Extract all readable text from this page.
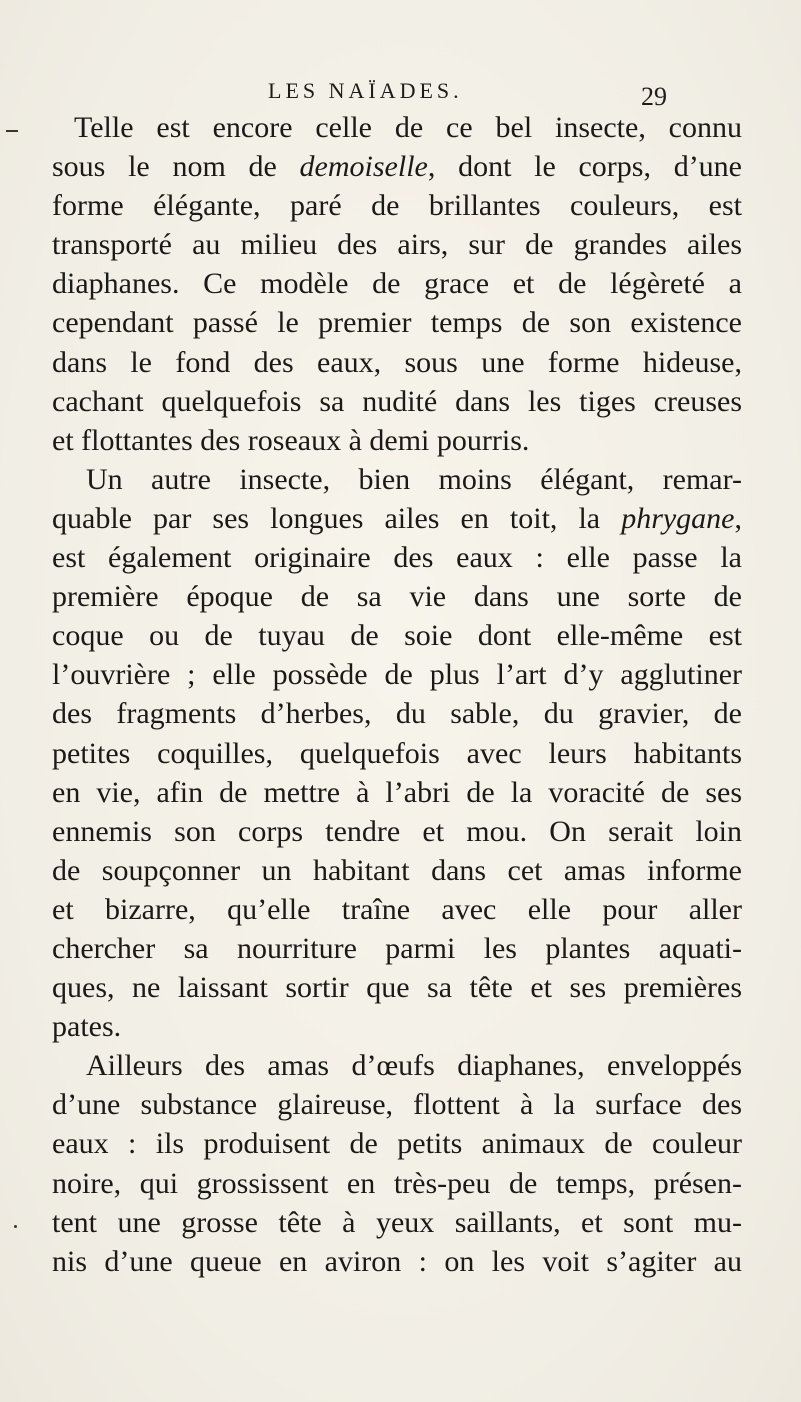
LES NAÏADES.	29
Telle est encore celle de ce bel insecte, connu
sous le nom de demoiselle, dont le corps, d’une
forme élégante, paré de brillantes couleurs, est
transporté au milieu des airs, sur de grandes ailes
diaphanes. Ce modèle de grace et de légèreté a
cependant passé le premier temps de son existence
dans le fond des eaux, sous une forme hideuse,
cachant quelquefois sa nudité dans les tiges creuses
et flottantes des roseaux à demi pourris.
Un autre insecte, bien moins élégant, remar-
quable par ses longues ailes en toit, la phrygane,
est également originaire des eaux : elle passe la
première époque de sa vie dans une sorte de
coque ou de tuyau de soie dont elle-même est
l’ouvrière ; elle possède de plus l’art d’y agglutiner
des fragments d’herbes, du sable, du gravier, de
petites coquilles, quelquefois avec leurs habitants
en vie, afin de mettre à l’abri de la voracité de ses
ennemis son corps tendre et mou. On serait loin
de soupçonner un habitant dans cet amas informe
et bizarre, qu’elle traîne avec elle pour aller
chercher sa nourriture parmi les plantes aquati-
ques, ne laissant sortir que sa tête et ses premières
pates.
Ailleurs des amas d’œufs diaphanes, enveloppés
d’une substance glaireuse, flottent à la surface des
eaux : ils produisent de petits animaux de couleur
noire, qui grossissent en très-peu de temps, présen-
tent une grosse tête à yeux saillants, et sont mu-
nis d’une queue en aviron : on les voit s’agiter au
